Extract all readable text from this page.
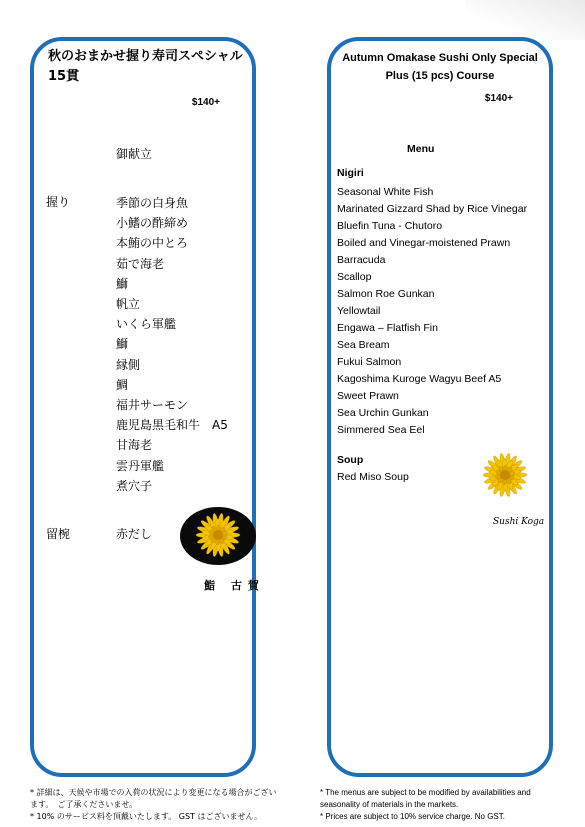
秋のおまかせ握り寿司スペシャル
15貫
$140+
御献立
握り	季節の白身魚
小鰭の酢締め
本鮪の中とろ
茹で海老
鰤
帆立
いくら軍艦
鰤
縁側
鯛
福井サーモン
鹿児島黒毛和牛　A5
甘海老
雲丹軍艦
煮穴子
留椀	赤だし
鮨 古賀
Autumn Omakase Sushi Only Special Plus (15 pcs) Course
$140+
Menu
Nigiri
Seasonal White Fish
Marinated Gizzard Shad by Rice Vinegar
Bluefin Tuna - Chutoro
Boiled and Vinegar-moistened Prawn
Barracuda
Scallop
Salmon Roe Gunkan
Yellowtail
Engawa – Flatfish Fin
Sea Bream
Fukui Salmon
Kagoshima Kuroge Wagyu Beef A5
Sweet Prawn
Sea Urchin Gunkan
Simmered Sea Eel
Soup
Red Miso Soup
Sushi Koga
* 詳細は、天候や市場での入荷の状況により変更になる場合がございます。　ご了承くださいませ。
* 10% のサービス料を頂戴いたします。 GST はございません。
* The menus are subject to be modified by availabilities and seasonality of materials in the markets.
* Prices are subject to 10% service charge. No GST.
